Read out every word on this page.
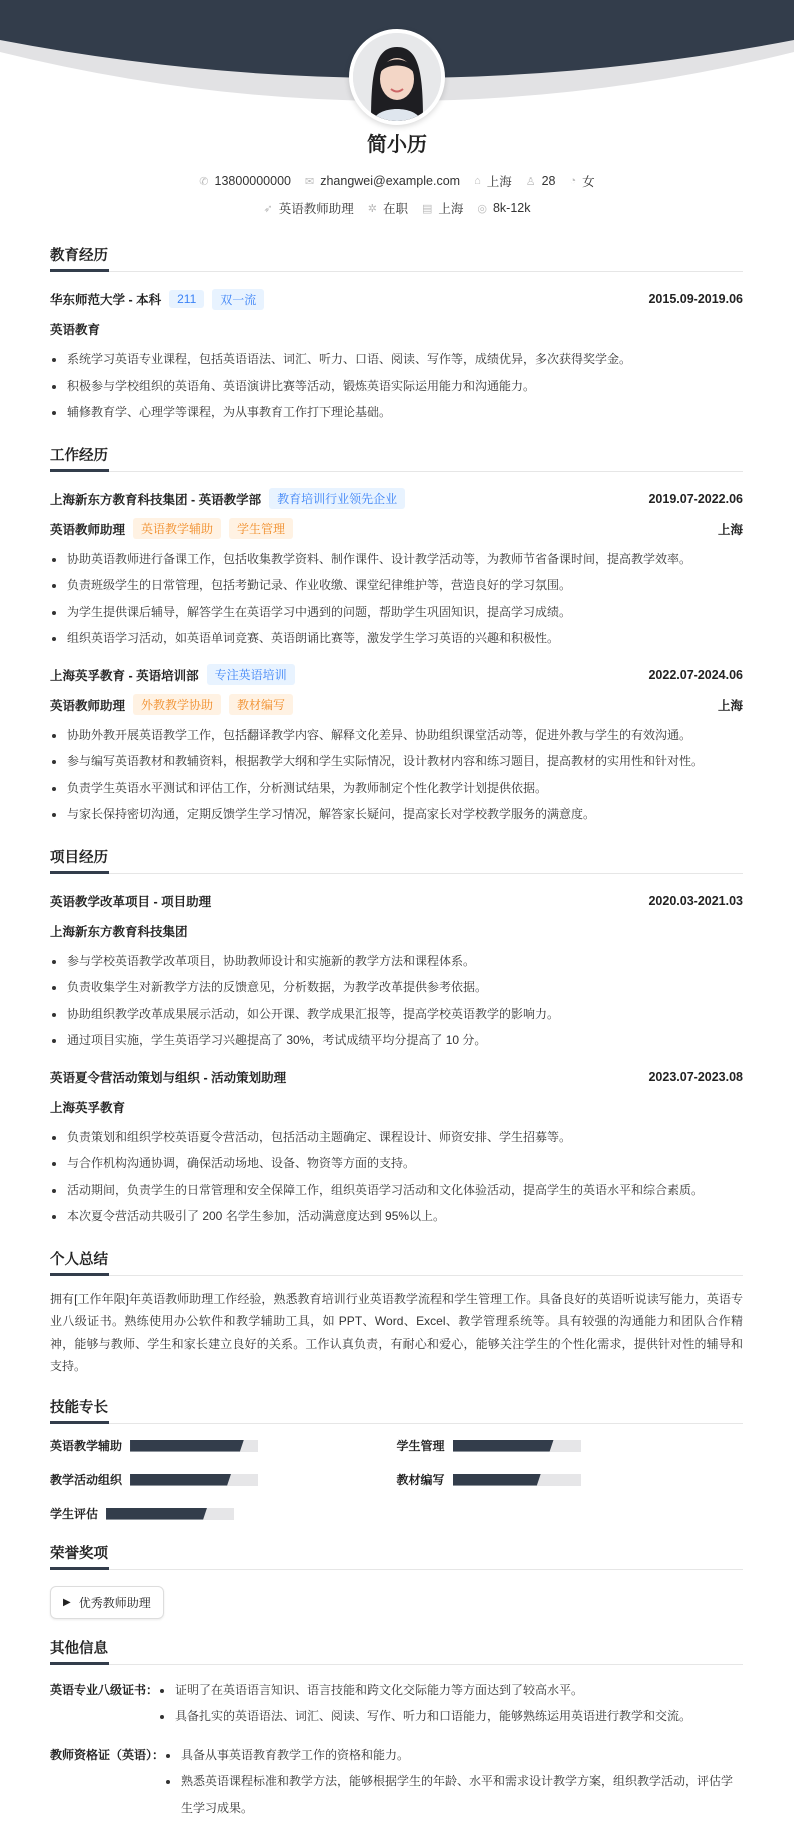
简小历
✆ 13800000000 ✉ zhangwei@example.com ⌂ 上海 ♙ 28 ◔ 女
➶ 英语教师助理 ✲ 在职 ▤ 上海 ◎ 8k-12k
教育经历
华东师范大学 - 本科	211	双一流	2015.09-2019.06
英语教育
系统学习英语专业课程，包括英语语法、词汇、听力、口语、阅读、写作等，成绩优异，多次获得奖学金。
积极参与学校组织的英语角、英语演讲比赛等活动，锻炼英语实际运用能力和沟通能力。
辅修教育学、心理学等课程，为从事教育工作打下理论基础。
工作经历
上海新东方教育科技集团 - 英语教学部	教育培训行业领先企业	2019.07-2022.06
英语教师助理	英语教学辅助	学生管理	上海
协助英语教师进行备课工作，包括收集教学资料、制作课件、设计教学活动等，为教师节省备课时间，提高教学效率。
负责班级学生的日常管理，包括考勤记录、作业收缴、课堂纪律维护等，营造良好的学习氛围。
为学生提供课后辅导，解答学生在英语学习中遇到的问题，帮助学生巩固知识，提高学习成绩。
组织英语学习活动，如英语单词竞赛、英语朗诵比赛等，激发学生学习英语的兴趣和积极性。
上海英孚教育 - 英语培训部	专注英语培训	2022.07-2024.06
英语教师助理	外教教学协助	教材编写	上海
协助外教开展英语教学工作，包括翻译教学内容、解释文化差异、协助组织课堂活动等，促进外教与学生的有效沟通。
参与编写英语教材和教辅资料，根据教学大纲和学生实际情况，设计教材内容和练习题目，提高教材的实用性和针对性。
负责学生英语水平测试和评估工作，分析测试结果，为教师制定个性化教学计划提供依据。
与家长保持密切沟通，定期反馈学生学习情况，解答家长疑问，提高家长对学校教学服务的满意度。
项目经历
英语教学改革项目 - 项目助理	2020.03-2021.03
上海新东方教育科技集团
参与学校英语教学改革项目，协助教师设计和实施新的教学方法和课程体系。
负责收集学生对新教学方法的反馈意见，分析数据，为教学改革提供参考依据。
协助组织教学改革成果展示活动，如公开课、教学成果汇报等，提高学校英语教学的影响力。
通过项目实施，学生英语学习兴趣提高了 30%，考试成绩平均分提高了 10 分。
英语夏令营活动策划与组织 - 活动策划助理	2023.07-2023.08
上海英孚教育
负责策划和组织学校英语夏令营活动，包括活动主题确定、课程设计、师资安排、学生招募等。
与合作机构沟通协调，确保活动场地、设备、物资等方面的支持。
活动期间，负责学生的日常管理和安全保障工作，组织英语学习活动和文化体验活动，提高学生的英语水平和综合素质。
本次夏令营活动共吸引了 200 名学生参加，活动满意度达到 95%以上。
个人总结

拥有[工作年限]年英语教师助理工作经验，熟悉教育培训行业英语教学流程和学生管理工作。具备良好的英语听说读写能力，英语专业八级证书。熟练使用办公软件和教学辅助工具，如 PPT、Word、Excel、教学管理系统等。具有较强的沟通能力和团队合作精神，能够与教师、学生和家长建立良好的关系。工作认真负责，有耐心和爱心，能够关注学生的个性化需求，提供针对性的辅导和支持。

技能专长
英语教学辅助	学生管理
教学活动组织	教材编写
学生评估
荣誉奖项
▶ 优秀教师助理
其他信息
英语专业八级证书：	证明了在英语语言知识、语言技能和跨文化交际能力等方面达到了较高水平。
具备扎实的英语语法、词汇、阅读、写作、听力和口语能力，能够熟练运用英语进行教学和交流。
教师资格证（英语）：	具备从事英语教育教学工作的资格和能力。
熟悉英语课程标准和教学方法，能够根据学生的年龄、水平和需求设计教学方案，组织教学活动，评估学生学习成果。
